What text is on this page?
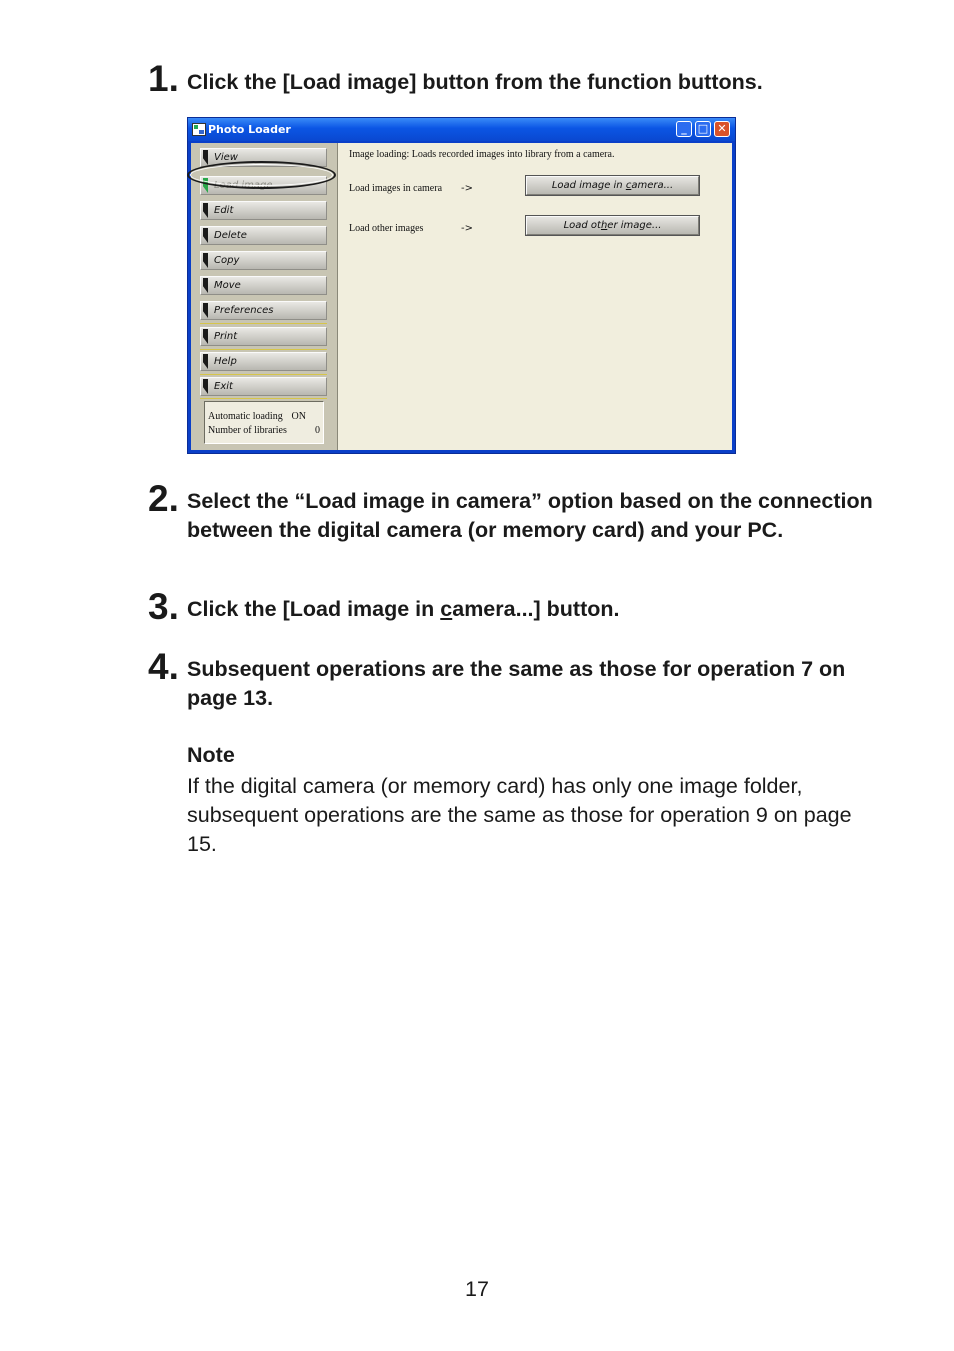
1. Click the [Load image] button from the function buttons.
Photo Loader	_	□ ✕
View
Load image
Edit
Delete
Copy
Move
Preferences
Print
Help
Exit
Automatic loading ON
Number of libraries	0
Image loading: Loads recorded images into library from a camera.
Load images in camera ->	Load image in camera...
Load other images	->	Load other image...
2. Select the “Load image in camera” option based on the connection between the digital camera (or memory card) and your PC.
3. Click the [Load image in camera...] button.
4. Subsequent operations are the same as those for operation 7 on page 13.
Note
If the digital camera (or memory card) has only one image folder, subsequent operations are the same as those for operation 9 on page 15.
17
